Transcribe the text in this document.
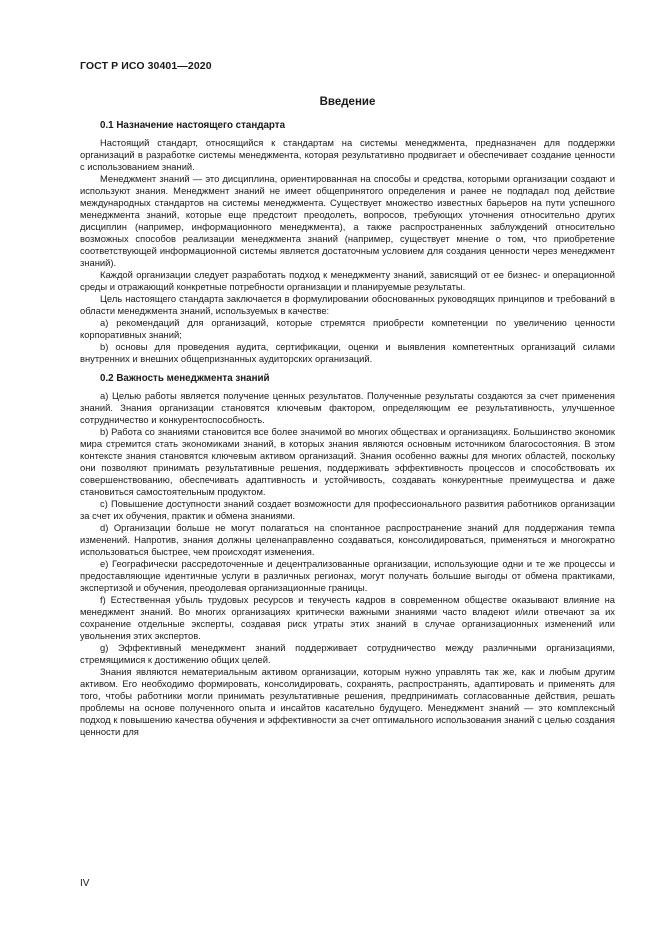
ГОСТ Р ИСО 30401—2020
Введение
0.1 Назначение настоящего стандарта

Настоящий стандарт, относящийся к стандартам на системы менеджмента, предназначен для поддержки организаций в разработке системы менеджмента, которая результативно продвигает и обеспечивает создание ценности с использованием знаний.

Менеджмент знаний — это дисциплина, ориентированная на способы и средства, которыми организации создают и используют знания. Менеджмент знаний не имеет общепринятого определения и ранее не подпадал под действие международных стандартов на системы менеджмента. Существует множество известных барьеров на пути успешного менеджмента знаний, которые еще предстоит преодолеть, вопросов, требующих уточнения относительно других дисциплин (например, информационного менеджмента), а также распространенных заблуждений относительно возможных способов реализации менеджмента знаний (например, существует мнение о том, что приобретение соответствующей информационной системы является достаточным условием для создания ценности через менеджмент знаний).

Каждой организации следует разработать подход к менеджменту знаний, зависящий от ее бизнес- и операционной среды и отражающий конкретные потребности организации и планируемые результаты.

Цель настоящего стандарта заключается в формулировании обоснованных руководящих принципов и требований в области менеджмента знаний, используемых в качестве:

a) рекомендаций для организаций, которые стремятся приобрести компетенции по увеличению ценности корпоративных знаний;

b) основы для проведения аудита, сертификации, оценки и выявления компетентных организаций силами внутренних и внешних общепризнанных аудиторских организаций.

0.2 Важность менеджмента знаний

a) Целью работы является получение ценных результатов. Полученные результаты создаются за счет применения знаний. Знания организации становятся ключевым фактором, определяющим ее результативность, улучшенное сотрудничество и конкурентоспособность.

b) Работа со знаниями становится все более значимой во многих обществах и организациях. Большинство экономик мира стремится стать экономиками знаний, в которых знания являются основным источником благосостояния. В этом контексте знания становятся ключевым активом организаций. Знания особенно важны для многих областей, поскольку они позволяют принимать результативные решения, поддерживать эффективность процессов и способствовать их совершенствованию, обеспечивать адаптивность и устойчивость, создавать конкурентные преимущества и даже становиться самостоятельным продуктом.

c) Повышение доступности знаний создает возможности для профессионального развития работников организации за счет их обучения, практик и обмена знаниями.

d) Организации больше не могут полагаться на спонтанное распространение знаний для поддержания темпа изменений. Напротив, знания должны целенаправленно создаваться, консолидироваться, применяться и многократно использоваться быстрее, чем происходят изменения.

e) Географически рассредоточенные и децентрализованные организации, использующие одни и те же процессы и предоставляющие идентичные услуги в различных регионах, могут получать большие выгоды от обмена практиками, экспертизой и обучения, преодолевая организационные границы.

f) Естественная убыль трудовых ресурсов и текучесть кадров в современном обществе оказывают влияние на менеджмент знаний. Во многих организациях критически важными знаниями часто владеют и/или отвечают за их сохранение отдельные эксперты, создавая риск утраты этих знаний в случае организационных изменений или увольнения этих экспертов.

g) Эффективный менеджмент знаний поддерживает сотрудничество между различными организациями, стремящимися к достижению общих целей.

Знания являются нематериальным активом организации, которым нужно управлять так же, как и любым другим активом. Его необходимо формировать, консолидировать, сохранять, распространять, адаптировать и применять для того, чтобы работники могли принимать результативные решения, предпринимать согласованные действия, решать проблемы на основе полученного опыта и инсайтов касательно будущего. Менеджмент знаний — это комплексный подход к повышению качества обучения и эффективности за счет оптимального использования знаний с целью создания ценности для

IV
